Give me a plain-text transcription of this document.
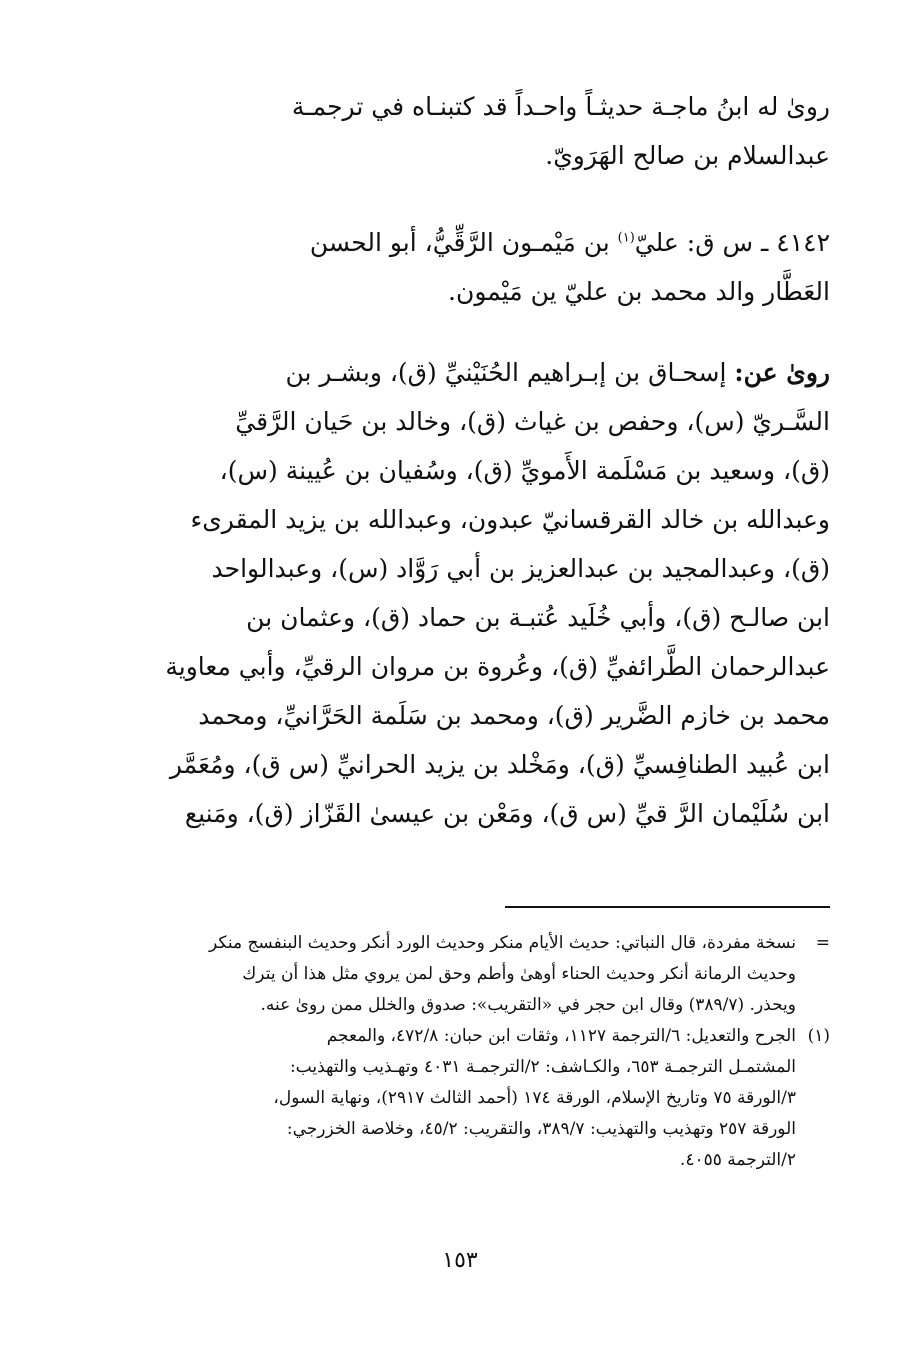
روىٰ له ابنُ ماجـة حديثـاً واحـداً قد كتبنـاه في ترجمـة
عبدالسلام بن صالح الهَرَويّ.
٤١٤٢ ـ س ق: عليّ$^{(١)}$ بن مَيْمـون الرَّقِّيُّ، أبو الحسن
العَطَّار والد محمد بن عليّ ين مَيْمون.
روىٰ عن: إسحـاق بن إبـراهيم الحُنَيْنيِّ (ق)، وبشـر بن
السَّـريّ (س)، وحفص بن غياث (ق)، وخالد بن حَيان الرَّقيِّ
(ق)، وسعيد بن مَسْلَمة الأَمويِّ (ق)، وسُفيان بن عُيينة (س)،
وعبدالله بن خالد القرقسانيّ عبدون، وعبدالله بن يزيد المقرىء
(ق)، وعبدالمجيد بن عبدالعزيز بن أبي رَوَّاد (س)، وعبدالواحد
ابن صالـح (ق)، وأبي خُلَيد عُتبـة بن حماد (ق)، وعثمان بن
عبدالرحمان الطَّرائفيِّ (ق)، وعُروة بن مروان الرقيِّ، وأبي معاوية
محمد بن خازم الضَّرير (ق)، ومحمد بن سَلَمة الحَرَّانيِّ، ومحمد
ابن عُبيد الطنافِسيِّ (ق)، ومَخْلد بن يزيد الحرانيِّ (س ق)، ومُعَمَّر
ابن سُلَيْمان الرَّ قيِّ (س ق)، ومَعْن بن عيسىٰ القَزّاز (ق)، ومَنيع
=
نسخة مفردة، قال النباتي: حديث الأيام منكر وحديث الورد أنكر وحديث البنفسج منكر
وحديث الرمانة أنكر وحديث الحناء أوهىٰ وأطم وحق لمن يروي مثل هذا أن يترك
ويحذر. (٣٨٩/٧) وقال ابن حجر في «التقريب»: صدوق والخلل ممن روىٰ عنه.
(١)
الجرح والتعديل: ٦/الترجمة ١١٢٧، وثقات ابن حبان: ٤٧٢/٨، والمعجم
المشتمـل الترجمـة ٦٥٣، والكـاشف: ٢/الترجمـة ٤٠٣١ وتهـذيب والتهذيب:
٣/الورقة ٧٥ وتاريخ الإسلام، الورقة ١٧٤ (أحمد الثالث ٢٩١٧)، ونهاية السول،
الورقة ٢٥٧ وتهذيب والتهذيب: ٣٨٩/٧، والتقريب: ٤٥/٢، وخلاصة الخزرجي:
٢/الترجمة ٤٠٥٥.
١٥٣
